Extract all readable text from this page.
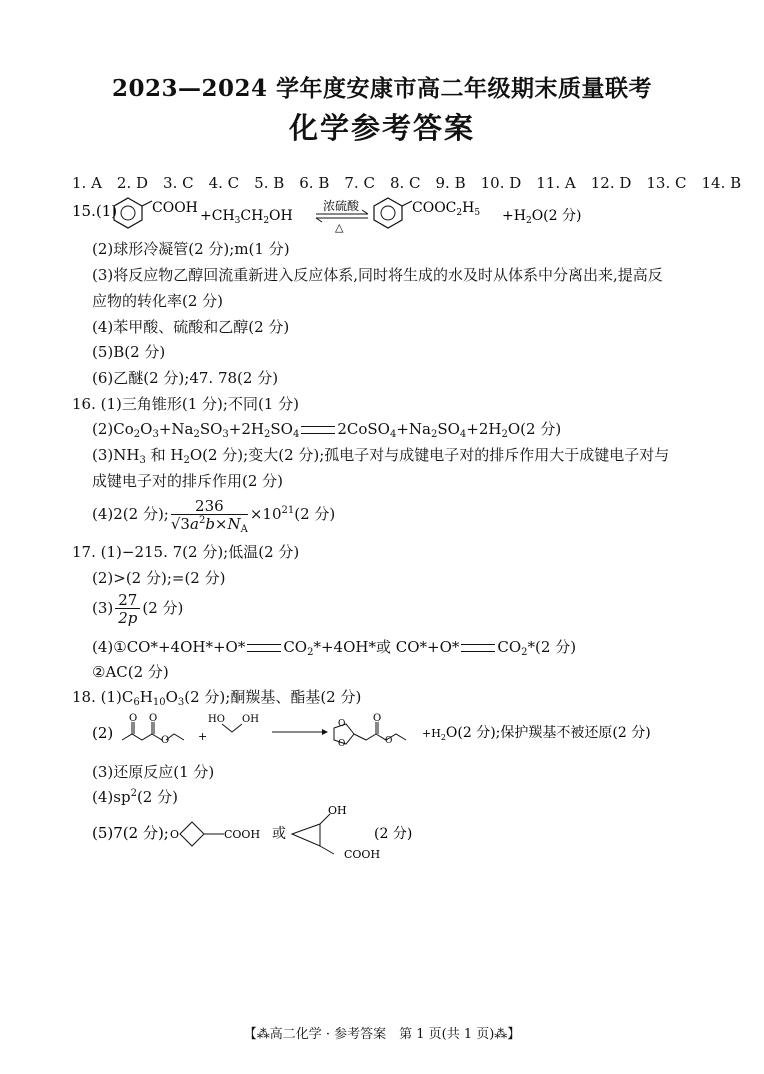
2023—2024 学年度安康市高二年级期末质量联考
化学参考答案
1. A 2. D 3. C 4. C 5. B 6. B 7. C 8. C 9. B 10. D 11. A 12. D 13. C 14. B
15.(1) COOH $+CH_3CH_2OH$
浓硫酸
△
$COOC_2H_5 +H_2O(2$ 分)
(2)球形冷凝管(2 分);m(1 分)
(3)将反应物乙醇回流重新进入反应体系,同时将生成的水及时从体系中分离出来,提高反
应物的转化率(2 分)
(4)苯甲酸、硫酸和乙醇(2 分)
(5)B(2 分)
(6)乙醚(2 分);47. 78(2 分)
16. (1)三角锥形(1 分);不同(1 分)
$(2)Co_2O_3+Na_2SO_3+2H_2SO_4$	$2CoSO_4+Na_2SO_4+2H_2O(2$ 分)
$(3)NH_3$ 和 $H_2O(2$ 分);变大(2 分);孤电子对与成键电子对的排斥作用大于成键电子对与
成键电子对的排斥作用(2 分)
(4)2(2 分); $\frac{236}{√3a^2b\times N_A} \times 10^{21}(2$ 分)
17. (1)−215. 7(2 分);低温(2 分)
(2)>(2 分);=(2 分)
$(3) \frac{27}{2p} (2$ 分)
(4)①CO*+4OH*+O*	$CO_2*+4OH*$或 CO*+O*	$CO_2*(2$ 分)
②AC(2 分)
18. $(1)C_6H_{10}O_3(2$ 分);酮羰基、酯基(2 分)
(2)
O O
O	+
HO OH	O
O
O
O
$+H_2O(2$ 分);保护羰基不被还原(2 分)
(3)还原反应(1 分)
$(4)sp^2(2$ 分)
(5)7(2 分); O	COOH 或
OH
COOH
(2 分)
【⁂高二化学 · 参考答案　第 1 页(共 1 页)⁂】
